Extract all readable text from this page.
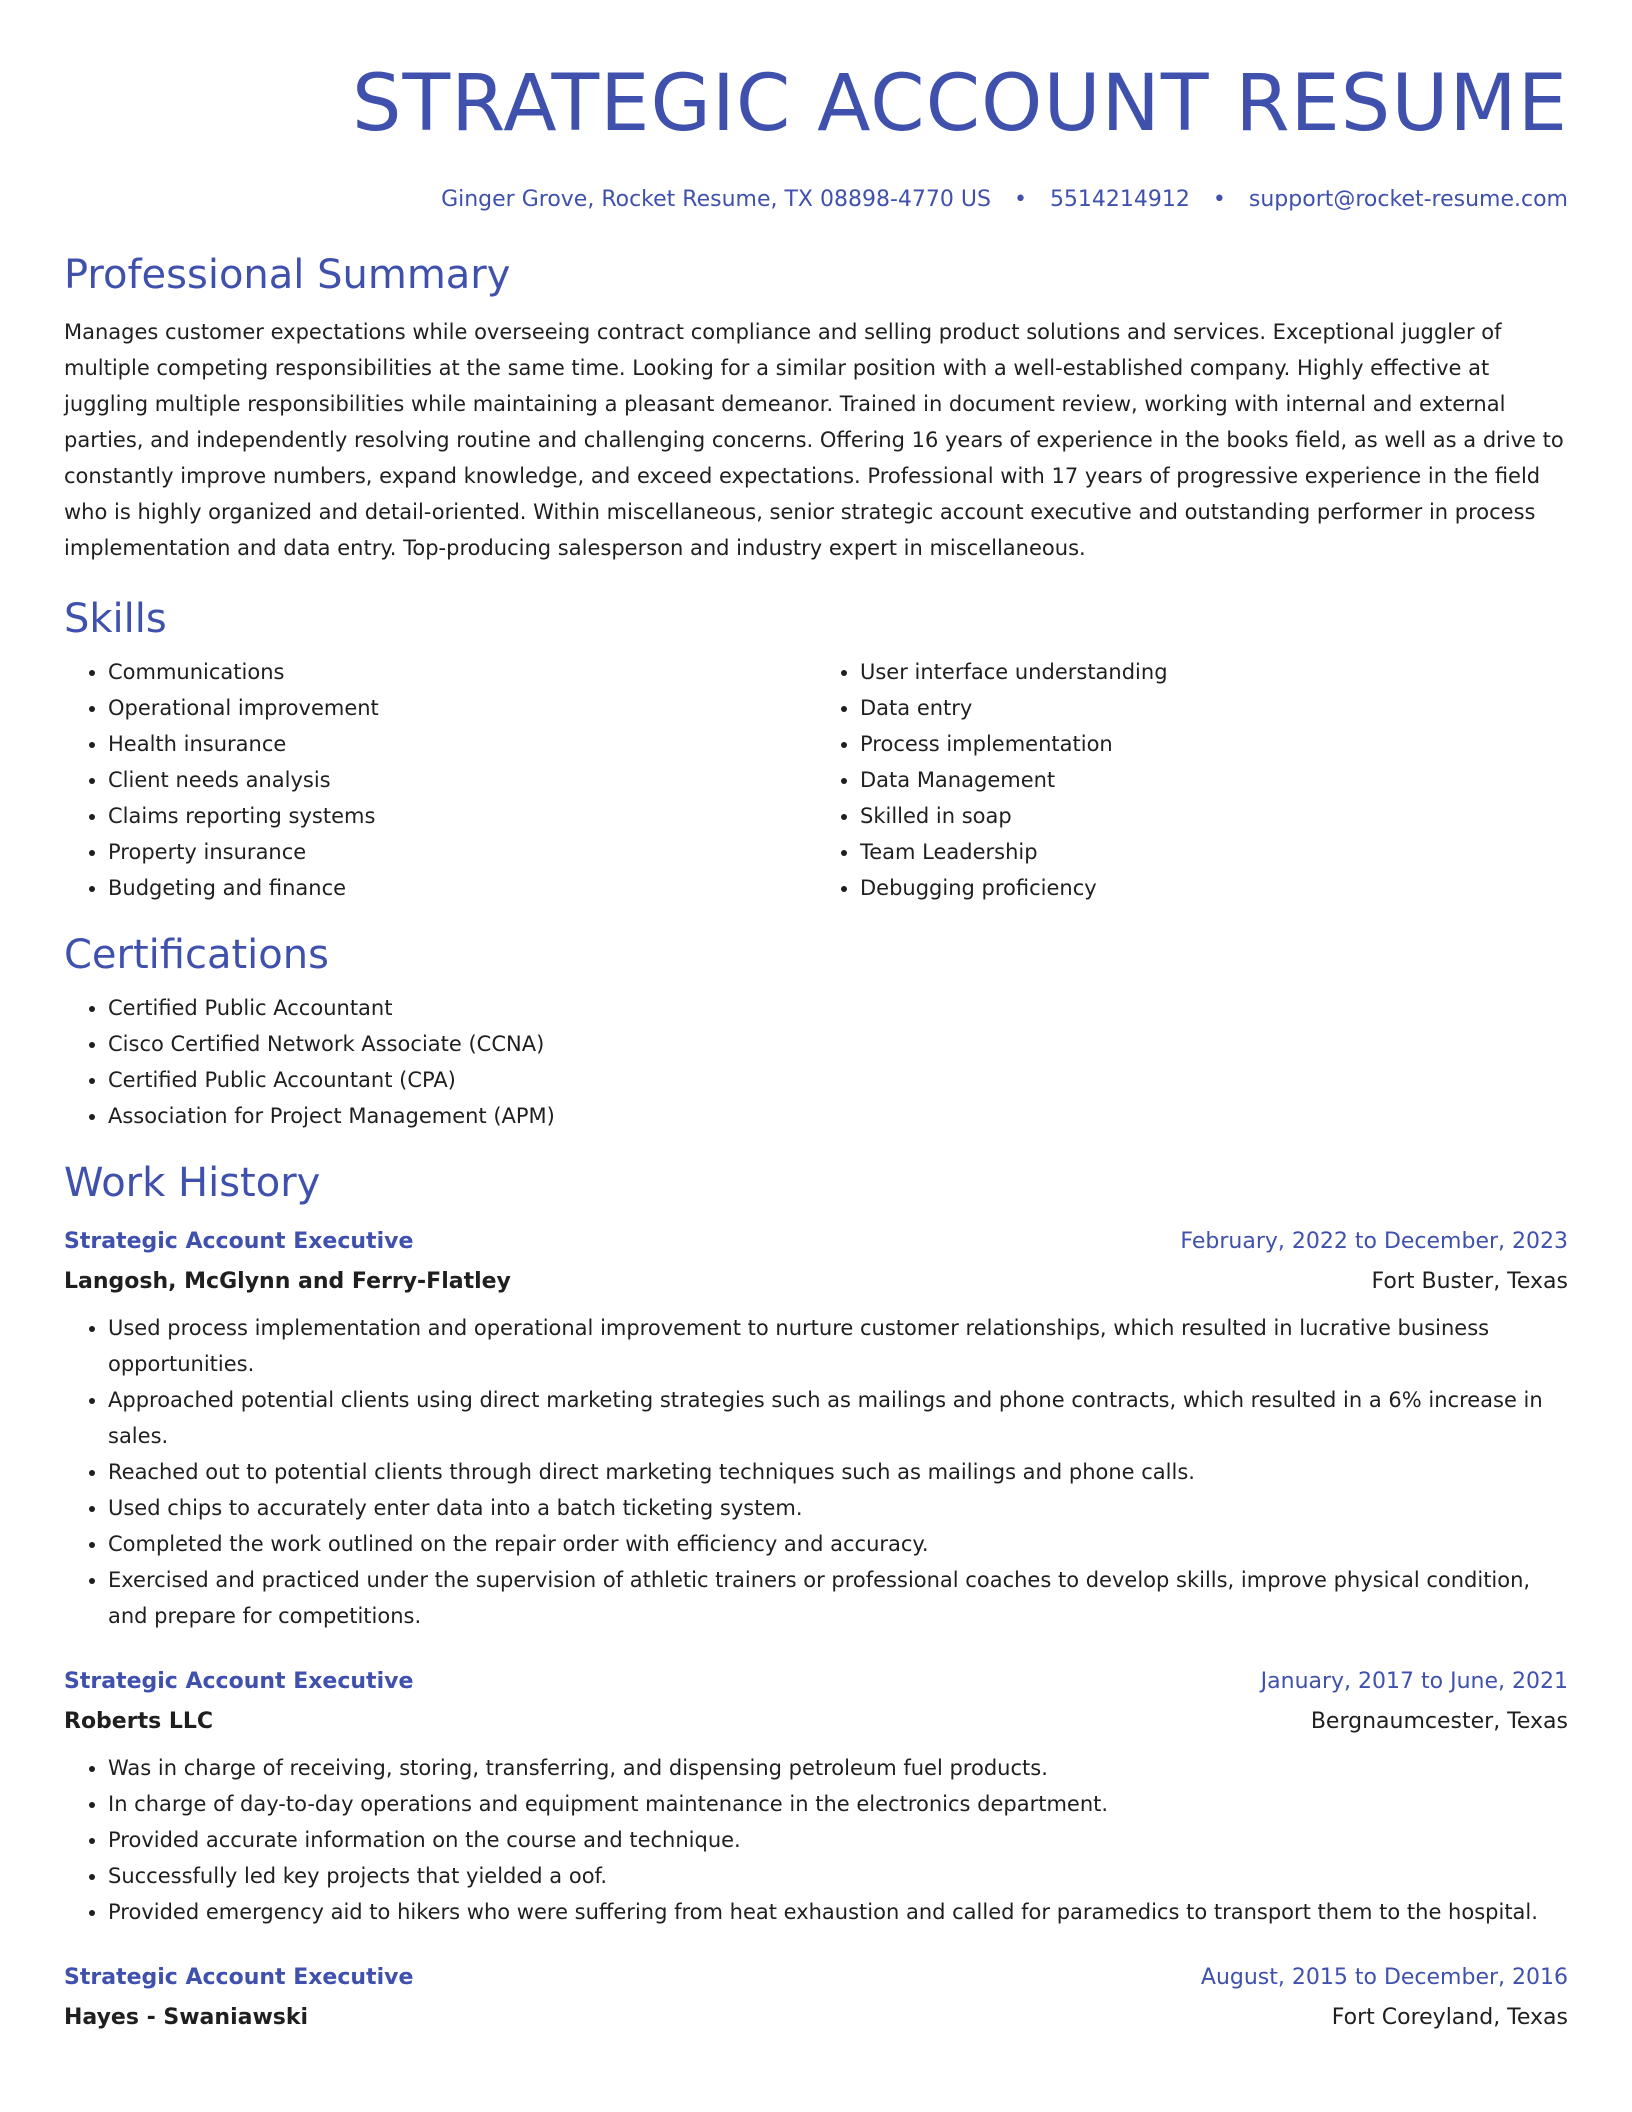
STRATEGIC ACCOUNT RESUME
Ginger Grove, Rocket Resume, TX 08898-4770 US • 5514214912 • support@rocket-resume.com
Professional Summary
Manages customer expectations while overseeing contract compliance and selling product solutions and services. Exceptional juggler of multiple competing responsibilities at the same time. Looking for a similar position with a well-established company. Highly effective at juggling multiple responsibilities while maintaining a pleasant demeanor. Trained in document review, working with internal and external parties, and independently resolving routine and challenging concerns. Offering 16 years of experience in the books field, as well as a drive to constantly improve numbers, expand knowledge, and exceed expectations. Professional with 17 years of progressive experience in the field who is highly organized and detail-oriented. Within miscellaneous, senior strategic account executive and outstanding performer in process implementation and data entry. Top-producing salesperson and industry expert in miscellaneous.
Skills
• Communications
• Operational improvement
• Health insurance
• Client needs analysis
• Claims reporting systems
• Property insurance
• Budgeting and finance
• User interface understanding
• Data entry
• Process implementation
• Data Management
• Skilled in soap
• Team Leadership
• Debugging proficiency
Certifications
• Certified Public Accountant
• Cisco Certified Network Associate (CCNA)
• Certified Public Accountant (CPA)
• Association for Project Management (APM)
Work History
Strategic Account Executive	February, 2022 to December, 2023
Langosh, McGlynn and Ferry-Flatley	Fort Buster, Texas
• Used process implementation and operational improvement to nurture customer relationships, which resulted in lucrative business opportunities.
• Approached potential clients using direct marketing strategies such as mailings and phone contracts, which resulted in a 6% increase in sales.
• Reached out to potential clients through direct marketing techniques such as mailings and phone calls.
• Used chips to accurately enter data into a batch ticketing system.
• Completed the work outlined on the repair order with efficiency and accuracy.
• Exercised and practiced under the supervision of athletic trainers or professional coaches to develop skills, improve physical condition, and prepare for competitions.
Strategic Account Executive	January, 2017 to June, 2021
Roberts LLC	Bergnaumcester, Texas
• Was in charge of receiving, storing, transferring, and dispensing petroleum fuel products.
• In charge of day-to-day operations and equipment maintenance in the electronics department.
• Provided accurate information on the course and technique.
• Successfully led key projects that yielded a oof.
• Provided emergency aid to hikers who were suffering from heat exhaustion and called for paramedics to transport them to the hospital.
Strategic Account Executive	August, 2015 to December, 2016
Hayes - Swaniawski	Fort Coreyland, Texas
